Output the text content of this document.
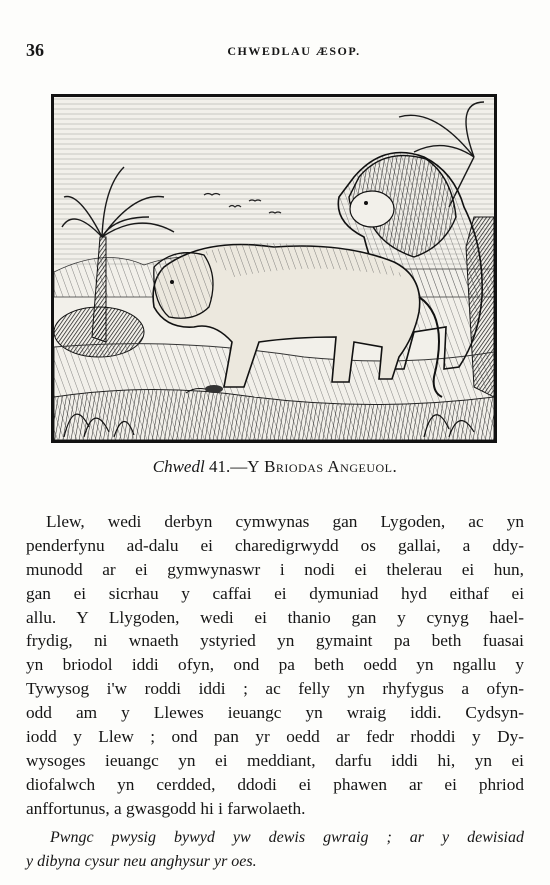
36	CHWEDLAU ÆSOP.
Chwedl 41.—Y Briodas Angeuol.
Llew, wedi derbyn cymwynas gan Lygoden, ac yn
penderfynu ad-dalu ei charedigrwydd os gallai, a ddy-
munodd ar ei gymwynaswr i nodi ei thelerau ei hun,
gan ei sicrhau y caffai ei dymuniad hyd eithaf ei
allu. Y Llygoden, wedi ei thanio gan y cynyg hael-
frydig, ni wnaeth ystyried yn gymaint pa beth fuasai
yn briodol iddi ofyn, ond pa beth oedd yn ngallu y
Tywysog i'w roddi iddi ; ac felly yn rhyfygus a ofyn-
odd am y Llewes ieuangc yn wraig iddi. Cydsyn-
iodd y Llew ; ond pan yr oedd ar fedr rhoddi y Dy-
wysoges ieuangc yn ei meddiant, darfu iddi hi, yn ei
diofalwch yn cerdded, ddodi ei phawen ar ei phriod
anffortunus, a gwasgodd hi i farwolaeth.
Pwngc pwysig bywyd yw dewis gwraig ; ar y dewisiad
y dibyna cysur neu anghysur yr oes.
